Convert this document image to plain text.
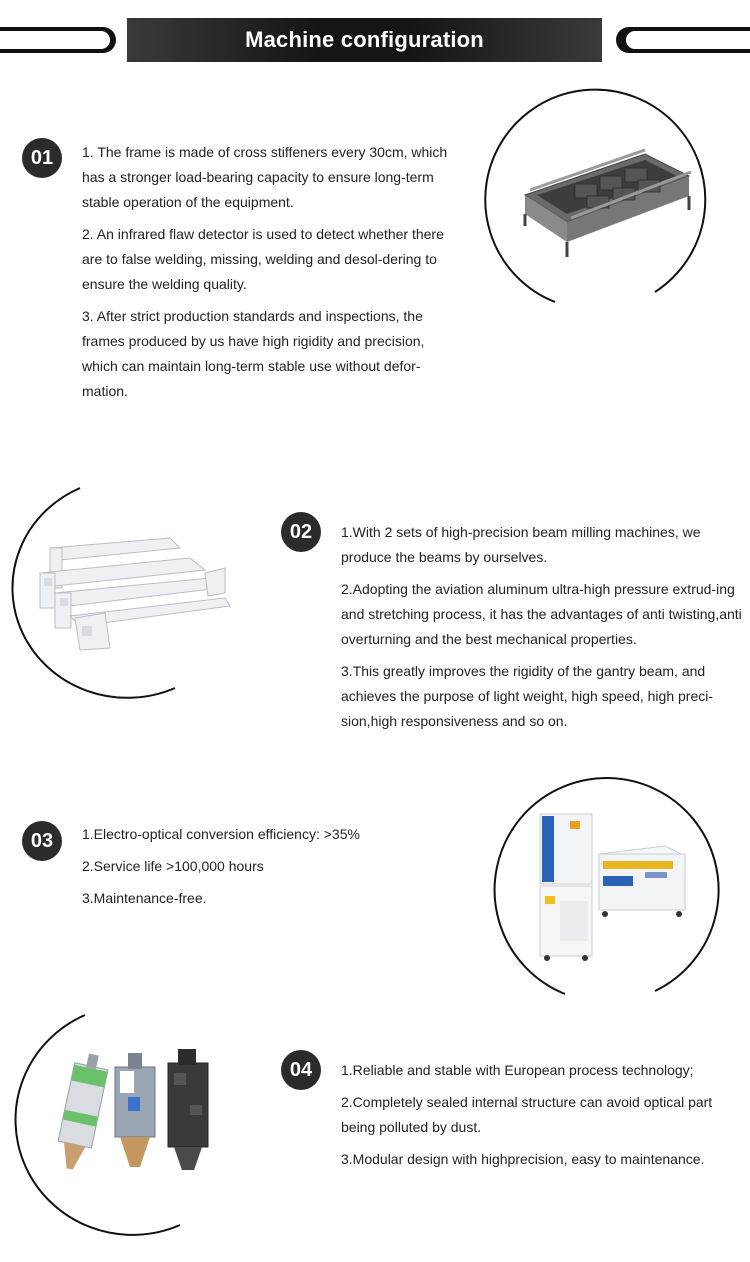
Machine configuration
01	1. The frame is made of cross stiffeners every 30cm, which has a stronger load-bearing capacity to ensure long-term stable operation of the equipment.

2. An infrared flaw detector is used to detect whether there are to false welding, missing, welding and desol-dering to ensure the welding quality.

3. After strict production standards and inspections, the frames produced by us have high rigidity and precision, which can maintain long-term stable use without defor-mation.

02	1.With 2 sets of high-precision beam milling machines, we produce the beams by ourselves.

2.Adopting the aviation aluminum ultra-high pressure extrud-ing and stretching process, it has the advantages of anti twisting,anti overturning and the best mechanical properties.

3.This greatly improves the rigidity of the gantry beam, and achieves the purpose of light weight, high speed, high preci-sion,high responsiveness and so on.

03	1.Electro-optical conversion efficiency: >35%

2.Service life >100,000 hours

3.Maintenance-free.

04	1.Reliable and stable with European process technology;

2.Completely sealed internal structure can avoid optical part being polluted by dust.

3.Modular design with highprecision, easy to maintenance.
